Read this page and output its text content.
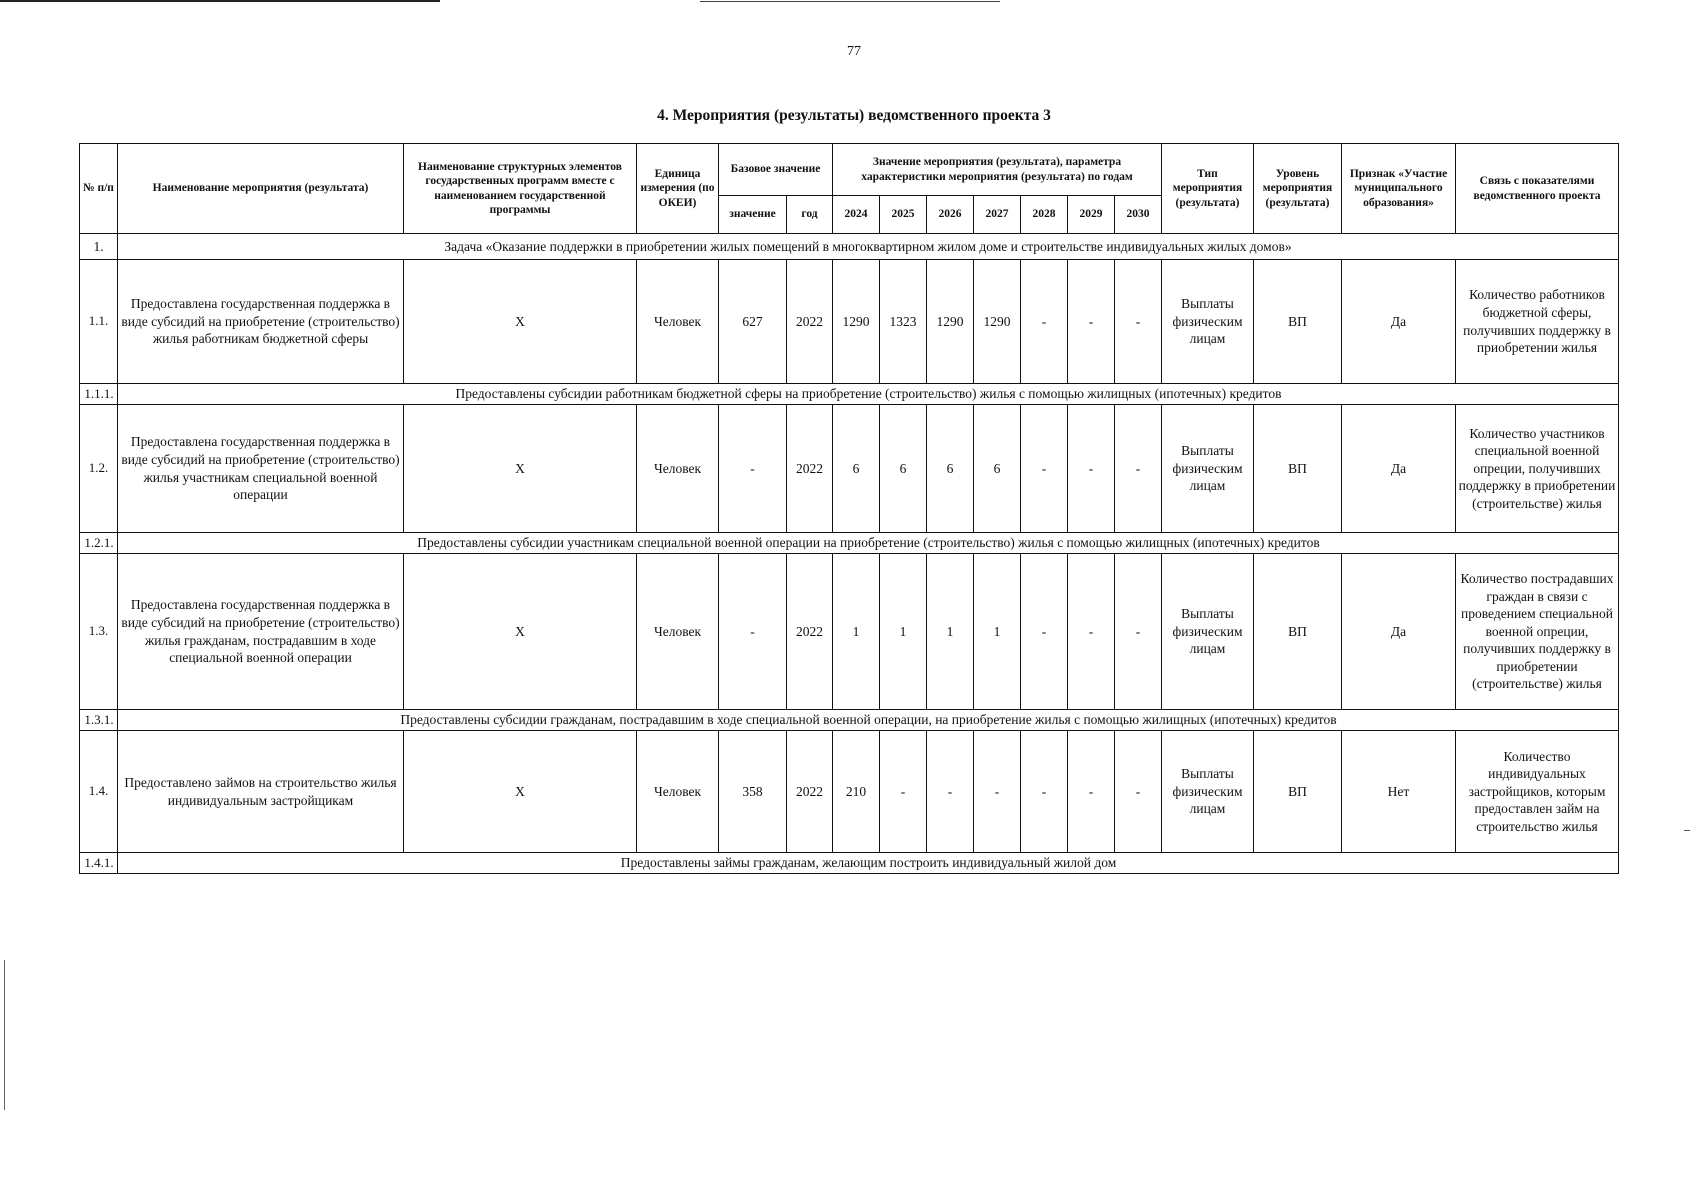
77
4. Мероприятия (результаты) ведомственного проекта 3
№ п/п	Наименование мероприятия (результата)	Наименование структурных элементов государственных программ вместе с наименованием государственной программы	Единица измерения (по ОКЕИ)	Базовое значение		Значение мероприятия (результата), параметра характеристики мероприятия (результата) по годам							Тип мероприятия (результата)	Уровень мероприятия (результата)	Признак «Участие муниципального образования»	Связь с показателями ведомственного проекта
				значение	год	2024	2025	2026	2027	2028	2029	2030				
1.	Задача «Оказание поддержки в приобретении жилых помещений в многоквартирном жилом доме и строительстве индивидуальных жилых домов»															
1.1.	Предоставлена государственная поддержка в виде субсидий на приобретение (строительство) жилья работникам бюджетной сферы	X	Человек	627	2022	1290	1323	1290	1290	-	-	-	Выплаты физическим лицам	ВП	Да	Количество работников бюджетной сферы, получивших поддержку в приобретении жилья
1.1.1.	Предоставлены субсидии работникам бюджетной сферы на приобретение (строительство) жилья с помощью жилищных (ипотечных) кредитов															
1.2.	Предоставлена государственная поддержка в виде субсидий на приобретение (строительство) жилья участникам специальной военной операции	X	Человек	-	2022	6	6	6	6	-	-	-	Выплаты физическим лицам	ВП	Да	Количество участников специальной военной опреции, получивших поддержку в приобретении (строительстве) жилья
1.2.1.	Предоставлены субсидии участникам специальной военной операции на приобретение (строительство) жилья с помощью жилищных (ипотечных) кредитов															
1.3.	Предоставлена государственная поддержка в виде субсидий на приобретение (строительство) жилья гражданам, пострадавшим в ходе специальной военной операции	X	Человек	-	2022	1	1	1	1	-	-	-	Выплаты физическим лицам	ВП	Да	Количество пострадавших граждан в связи с проведением специальной военной опреции, получивших поддержку в приобретении (строительстве) жилья
1.3.1.	Предоставлены субсидии гражданам, пострадавшим в ходе специальной военной операции, на приобретение жилья с помощью жилищных (ипотечных) кредитов															
1.4.	Предоставлено займов на строительство жилья индивидуальным застройщикам	X	Человек	358	2022	210	-	-	-	-	-	-	Выплаты физическим лицам	ВП	Нет	Количество индивидуальных застройщиков, которым предоставлен займ на строительство жилья
1.4.1.	Предоставлены займы гражданам, желающим построить индивидуальный жилой дом															
